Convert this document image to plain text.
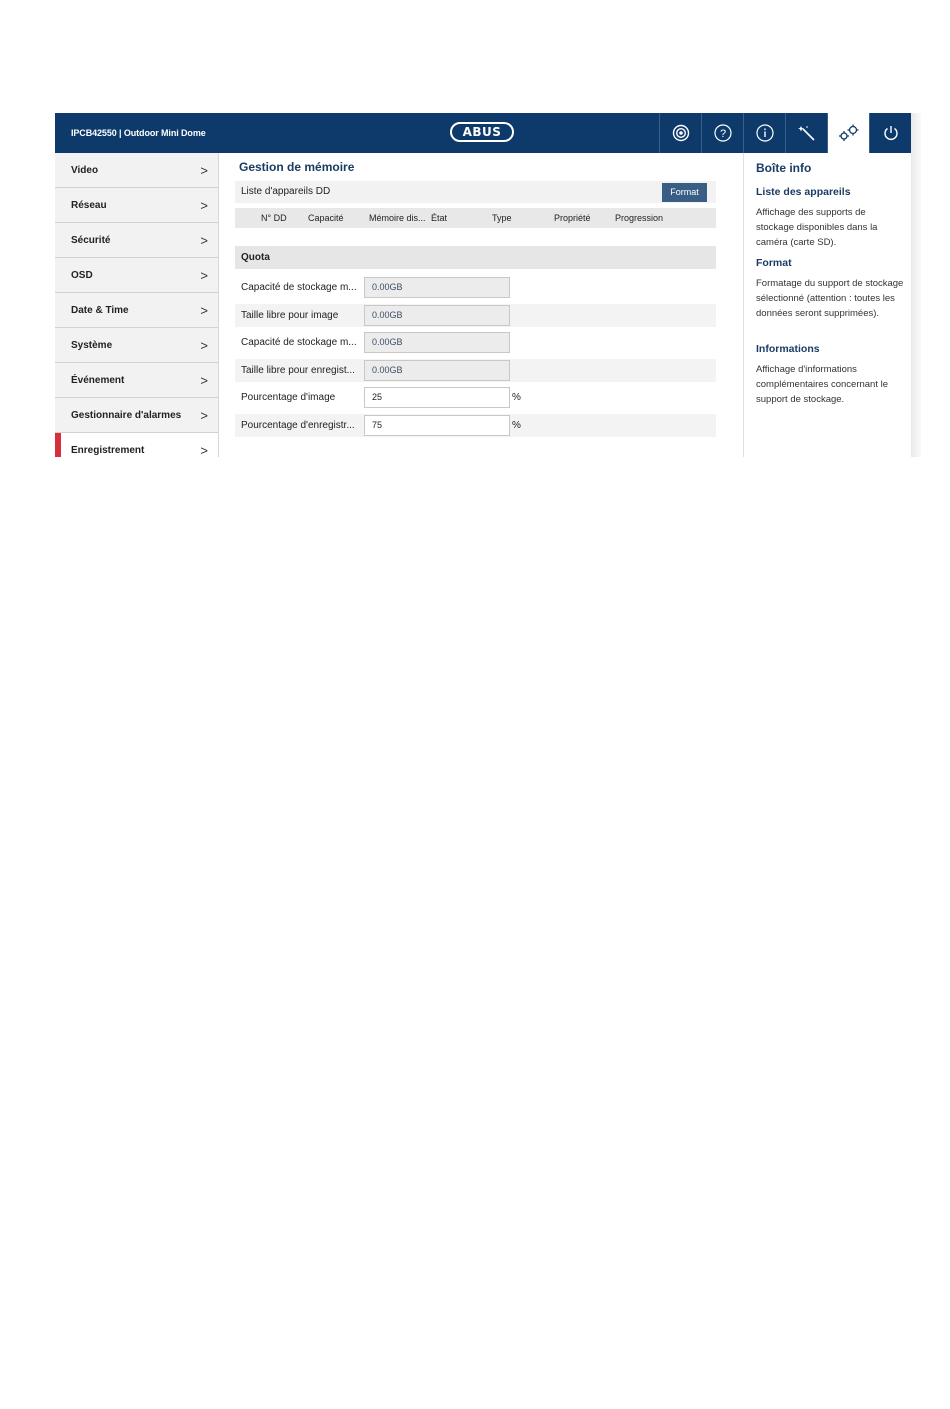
IPCB42550 | Outdoor Mini Dome	ABUS	?
Video	>
Réseau	>
Sécurité	>
OSD	>
Date & Time	>
Système	>
Événement	>
Gestionnaire d'alarmes >
Enregistrement	>
Gestion de mémoire
Liste d'appareils DD	Format
N° DD Capacité	Mémoire dis... État	Type	Propriété	Progression
Quota
Capacité de stockage m...	0.00GB
Taille libre pour image	0.00GB
Capacité de stockage m...	0.00GB
Taille libre pour enregist...	0.00GB
Pourcentage d'image	25	%
Pourcentage d'enregistr...	75	%
Boîte info
Liste des appareils
Affichage des supports de stockage disponibles dans la caméra (carte SD).
Format
Formatage du support de stockage sélectionné (attention : toutes les données seront supprimées).
Informations
Affichage d'informations complémentaires concernant le support de stockage.
